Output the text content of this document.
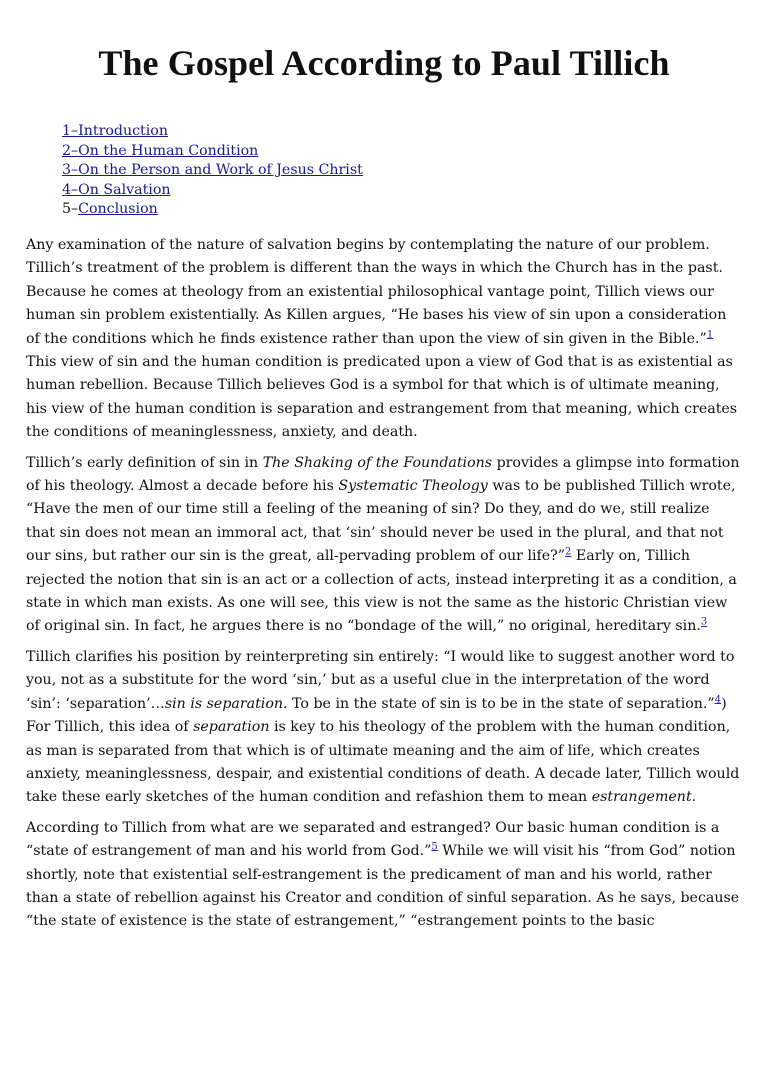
The Gospel According to Paul Tillich
1–Introduction
2–On the Human Condition
3–On the Person and Work of Jesus Christ
4–On Salvation
5–Conclusion

Any examination of the nature of salvation begins by contemplating the nature of our problem. Tillich’s treatment of the problem is different than the ways in which the Church has in the past. Because he comes at theology from an existential philosophical vantage point, Tillich views our human sin problem existentially. As Killen argues, “He bases his view of sin upon a consideration of the conditions which he finds existence rather than upon the view of sin given in the Bible.”$^1$ This view of sin and the human condition is predicated upon a view of God that is as existential as human rebellion. Because Tillich believes God is a symbol for that which is of ultimate meaning, his view of the human condition is separation and estrangement from that meaning, which creates the conditions of meaninglessness, anxiety, and death.

Tillich’s early definition of sin in The Shaking of the Foundations provides a glimpse into formation of his theology. Almost a decade before his Systematic Theology was to be published Tillich wrote, “Have the men of our time still a feeling of the meaning of sin? Do they, and do we, still realize that sin does not mean an immoral act, that ‘sin’ should never be used in the plural, and that not our sins, but rather our sin is the great, all-pervading problem of our life?”$^2$ Early on, Tillich rejected the notion that sin is an act or a collection of acts, instead interpreting it as a condition, a state in which man exists. As one will see, this view is not the same as the historic Christian view of original sin. In fact, he argues there is no “bondage of the will,” no original, hereditary sin.$^3$

Tillich clarifies his position by reinterpreting sin entirely: “I would like to suggest another word to you, not as a substitute for the word ‘sin,’ but as a useful clue in the interpretation of the word ‘sin’: ‘separation’…sin is separation. To be in the state of sin is to be in the state of separation.”$^4$) For Tillich, this idea of separation is key to his theology of the problem with the human condition, as man is separated from that which is of ultimate meaning and the aim of life, which creates anxiety, meaninglessness, despair, and existential conditions of death. A decade later, Tillich would take these early sketches of the human condition and refashion them to mean estrangement.

According to Tillich from what are we separated and estranged? Our basic human condition is a “state of estrangement of man and his world from God.”$^5$ While we will visit his “from God” notion shortly, note that existential self-estrangement is the predicament of man and his world, rather than a state of rebellion against his Creator and condition of sinful separation. As he says, because “the state of existence is the state of estrangement,” “estrangement points to the basic
